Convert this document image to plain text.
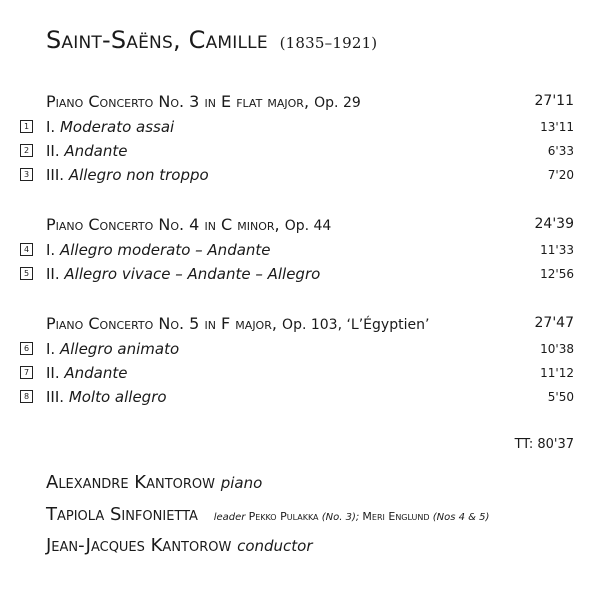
Saint-Saëns, Camille (1835–1921)
Piano Concerto No. 3 in E flat major, Op. 29	27'11
1 I. Moderato assai	13'11
2 II. Andante	6'33
3 III. Allegro non troppo	7'20
Piano Concerto No. 4 in C minor, Op. 44	24'39
4 I. Allegro moderato – Andante	11'33
5 II. Allegro vivace – Andante – Allegro	12'56
Piano Concerto No. 5 in F major, Op. 103, ‘L’Égyptien’	27'47
6 I. Allegro animato	10'38
7 II. Andante	11'12
8 III. Molto allegro	5'50
TT: 80'37
Alexandre Kantorow piano
Tapiola Sinfonietta leader Pekko Pulakka (No. 3); Meri Englund (Nos 4 & 5)
Jean-Jacques Kantorow conductor
